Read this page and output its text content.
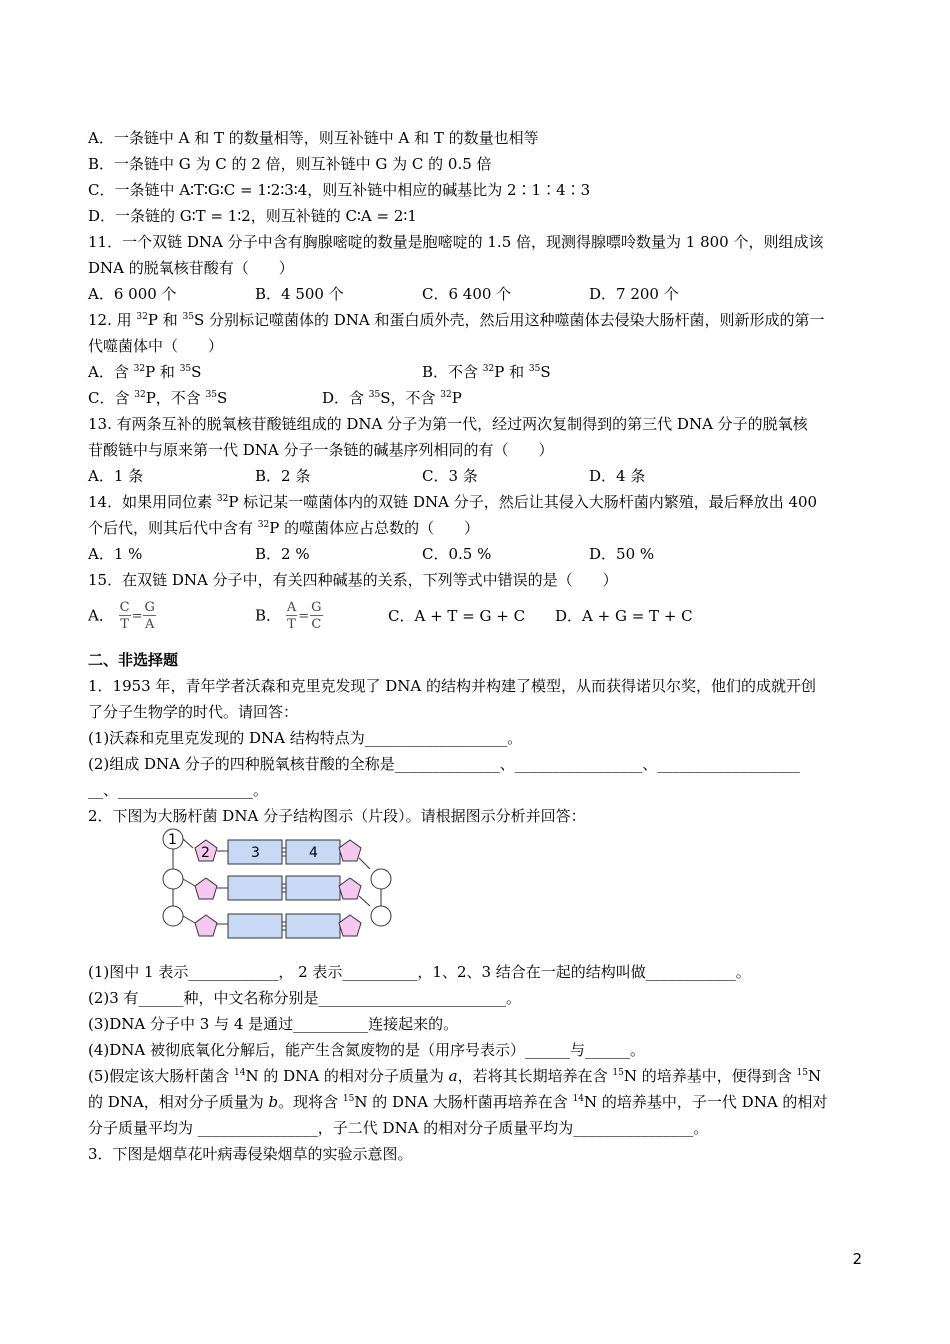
A．一条链中 A 和 T 的数量相等，则互补链中 A 和 T 的数量也相等
B．一条链中 G 为 C 的 2 倍，则互补链中 G 为 C 的 0.5 倍
C．一条链中 A∶T∶G∶C = 1∶2∶3∶4，则互补链中相应的碱基比为 2∶1∶4∶3
D．一条链的 G∶T = 1∶2，则互补链的 C∶A = 2∶1
11．一个双链 DNA 分子中含有胸腺嘧啶的数量是胞嘧啶的 1.5 倍，现测得腺嘌呤数量为 1 800 个，则组成该
DNA 的脱氧核苷酸有（　　）
A．6 000 个	B．4 500 个	C．6 400 个	D．7 200 个
12. 用 $^{32}$P 和 $^{35}$S 分别标记噬菌体的 DNA 和蛋白质外壳，然后用这种噬菌体去侵染大肠杆菌，则新形成的第一
代噬菌体中（　　）
A．含 $^{32}$P 和 $^{35}$S	B．不含 $^{32}$P 和 $^{35}$S
C．含 $^{32}$P，不含 $^{35}$S	D．含 $^{35}$S，不含 $^{32}$P
13. 有两条互补的脱氧核苷酸链组成的 DNA 分子为第一代，经过两次复制得到的第三代 DNA 分子的脱氧核
苷酸链中与原来第一代 DNA 分子一条链的碱基序列相同的有（　　）
A．1 条	B．2 条	C．3 条	D．4 条
14．如果用同位素 $^{32}$P 标记某一噬菌体内的双链 DNA 分子，然后让其侵入大肠杆菌内繁殖，最后释放出 400
个后代，则其后代中含有 $^{32}$P 的噬菌体应占总数的（　　）
A．1 %	B．2 %	C．0.5 %	D．50 %
15．在双链 DNA 分子中，有关四种碱基的关系，下列等式中错误的是（　　）
A． $\frac{C}{T} = \frac{G}{A}$	B． $\frac{A}{T} = \frac{G}{C}$	C．A + T = G + C D．A + G = T + C
二、非选择题
1．1953 年，青年学者沃森和克里克发现了 DNA 的结构并构建了模型，从而获得诺贝尔奖，他们的成就开创
了分子生物学的时代。请回答：
(1)沃森和克里克发现的 DNA 结构特点为___________________。
(2)组成 DNA 分子的四种脱氧核苷酸的全称是______________、_________________、___________________
__、__________________。
2．下图为大肠杆菌 DNA 分子结构图示（片段）。请根据图示分析并回答：
1
2	3	4
(1)图中 1 表示____________， 2 表示__________，1、2、3 结合在一起的结构叫做____________。
(2)3 有______种，中文名称分别是_________________________。
(3)DNA 分子中 3 与 4 是通过__________连接起来的。
(4)DNA 被彻底氧化分解后，能产生含氮废物的是（用序号表示）______与______。
(5)假定该大肠杆菌含 $^{14}$N 的 DNA 的相对分子质量为 a，若将其长期培养在含 $^{15}$N 的培养基中，便得到含 $^{15}$N
的 DNA，相对分子质量为 b。现将含 $^{15}$N 的 DNA 大肠杆菌再培养在含 $^{14}$N 的培养基中，子一代 DNA 的相对
分子质量平均为 ________________，子二代 DNA 的相对分子质量平均为________________。
3．下图是烟草花叶病毒侵染烟草的实验示意图。
2
